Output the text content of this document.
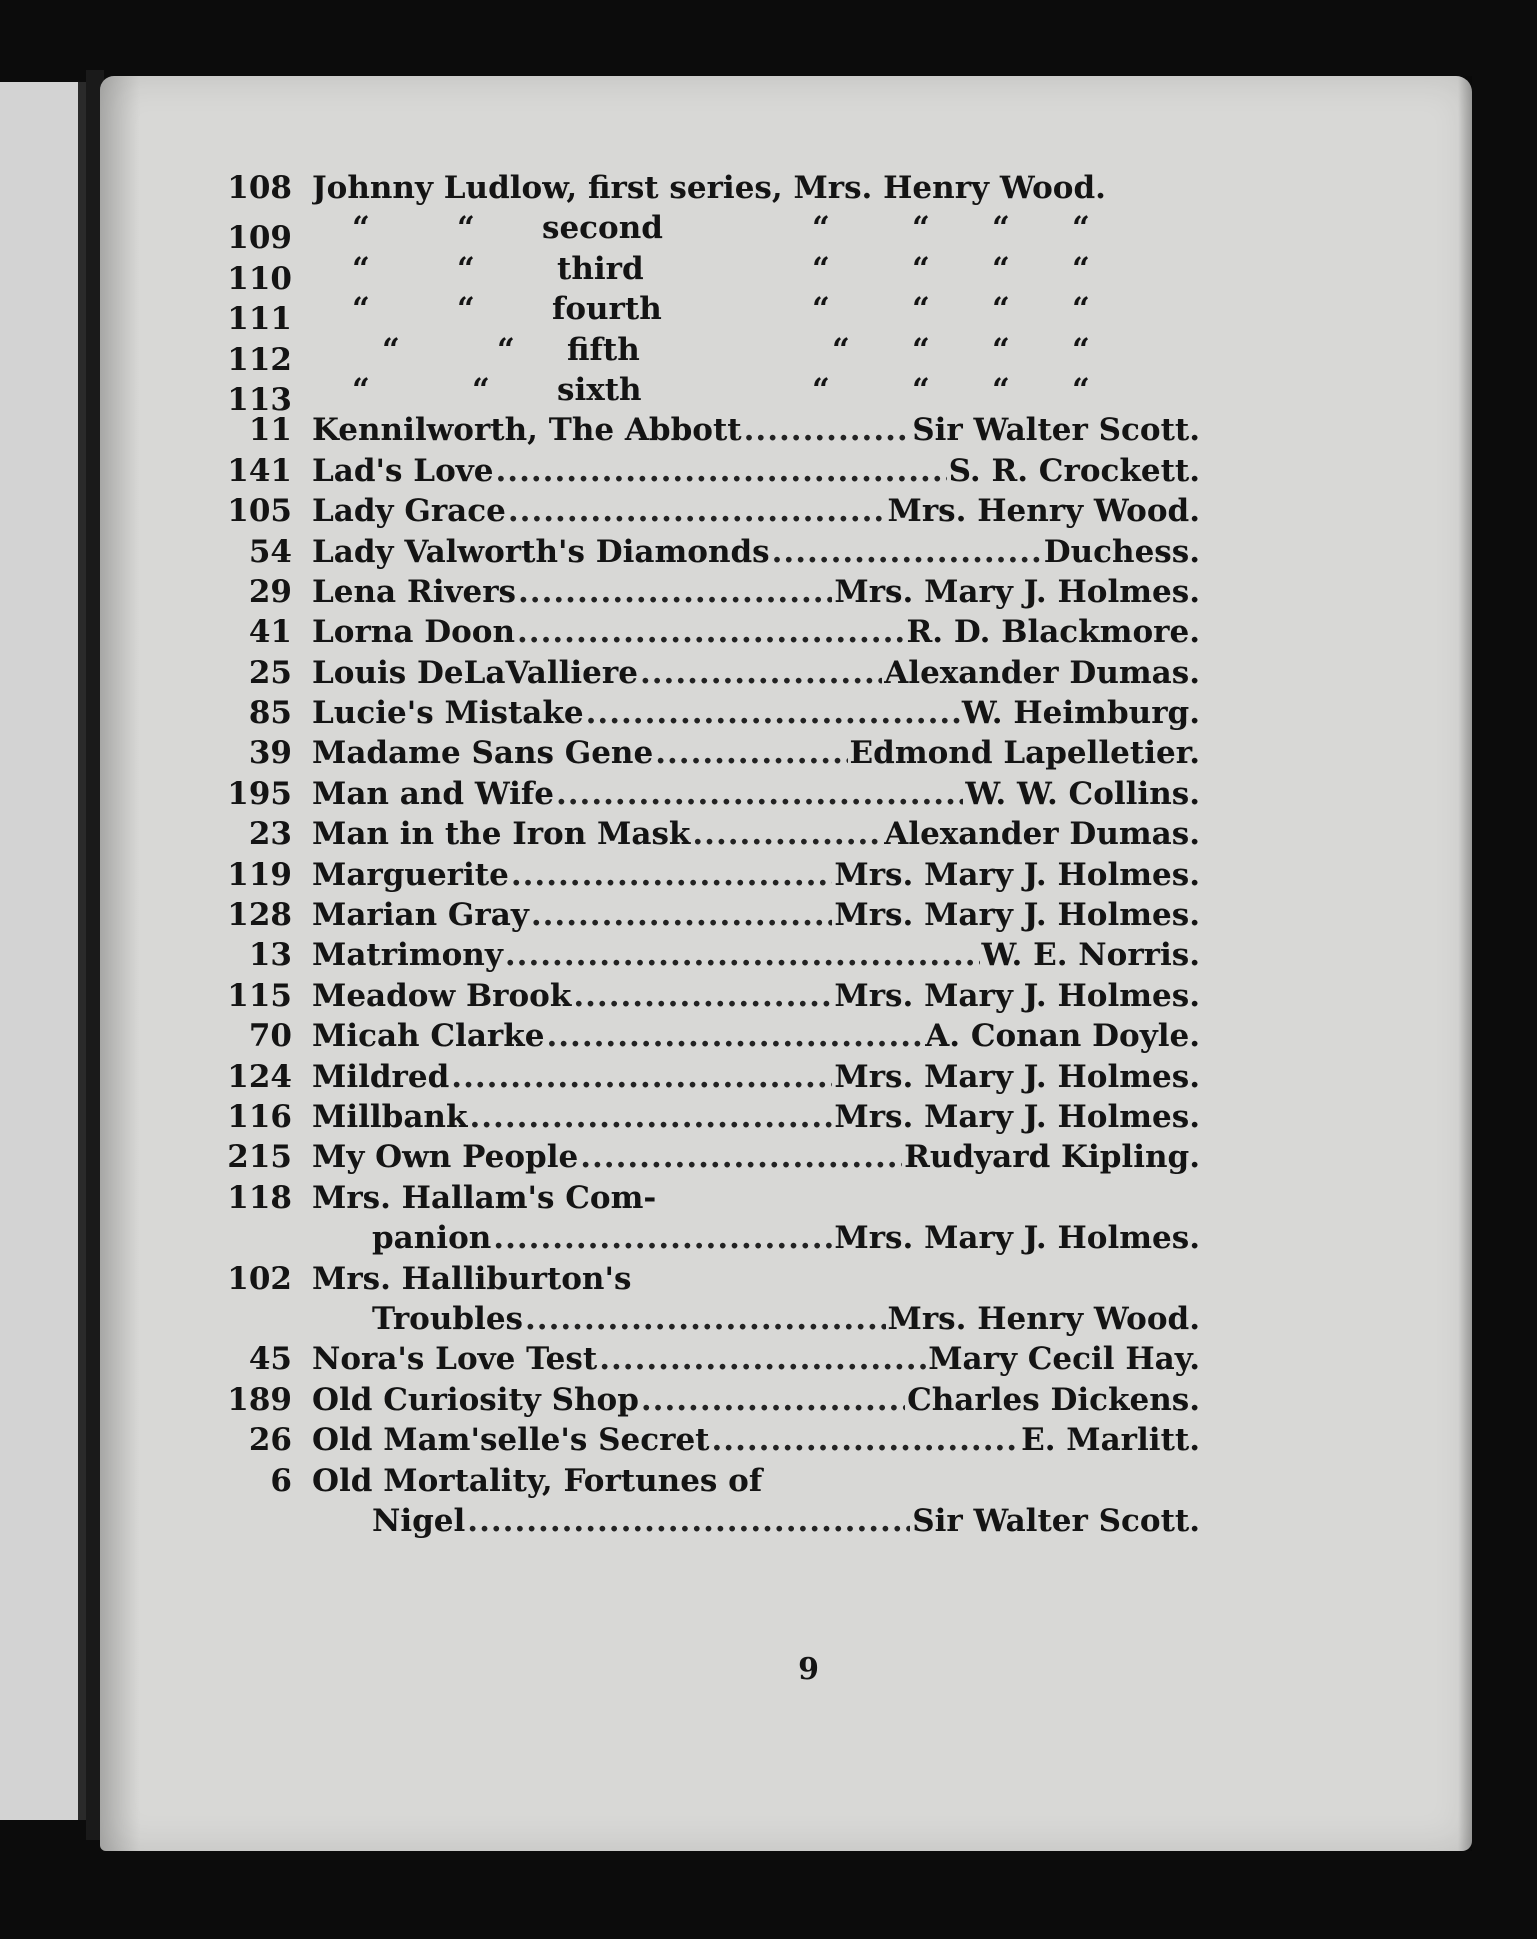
108 Johnny Ludlow, first series, Mrs. Henry Wood.
109	“	“ second	“	“ “ “
110	“	“	third	“	“ “ “
111	“	“ fourth	“	“ “ “
112	“	“ fifth	“ “ “ “
113	“	“ sixth	“	“ “ “
11 Kennilworth, The Abbott .....	Sir Walter Scott.
141 Lad's Love .....	S. R. Crockett.
105 Lady Grace .....	Mrs. Henry Wood.
54 Lady Valworth's Diamonds .....	Duchess.
29 Lena Rivers .....	Mrs. Mary J. Holmes.
41 Lorna Doon .....	R. D. Blackmore.
25 Louis DeLaValliere .....	Alexander Dumas.
85 Lucie's Mistake .....	W. Heimburg.
39 Madame Sans Gene .....	Edmond Lapelletier.
195 Man and Wife .....	W. W. Collins.
23 Man in the Iron Mask .....	Alexander Dumas.
119 Marguerite .....	Mrs. Mary J. Holmes.
128 Marian Gray .....	Mrs. Mary J. Holmes.
13 Matrimony .....	W. E. Norris.
115 Meadow Brook .....	Mrs. Mary J. Holmes.
70 Micah Clarke .....	A. Conan Doyle.
124 Mildred .....	Mrs. Mary J. Holmes.
116 Millbank .....	Mrs. Mary J. Holmes.
215 My Own People .....	Rudyard Kipling.
118 Mrs. Hallam's Com-
panion .....	Mrs. Mary J. Holmes.
102 Mrs. Halliburton's
Troubles .....	Mrs. Henry Wood.
45 Nora's Love Test .....	Mary Cecil Hay.
189 Old Curiosity Shop .....	Charles Dickens.
26 Old Mam'selle's Secret .....	E. Marlitt.
6 Old Mortality, Fortunes of
Nigel .....	Sir Walter Scott.
9
